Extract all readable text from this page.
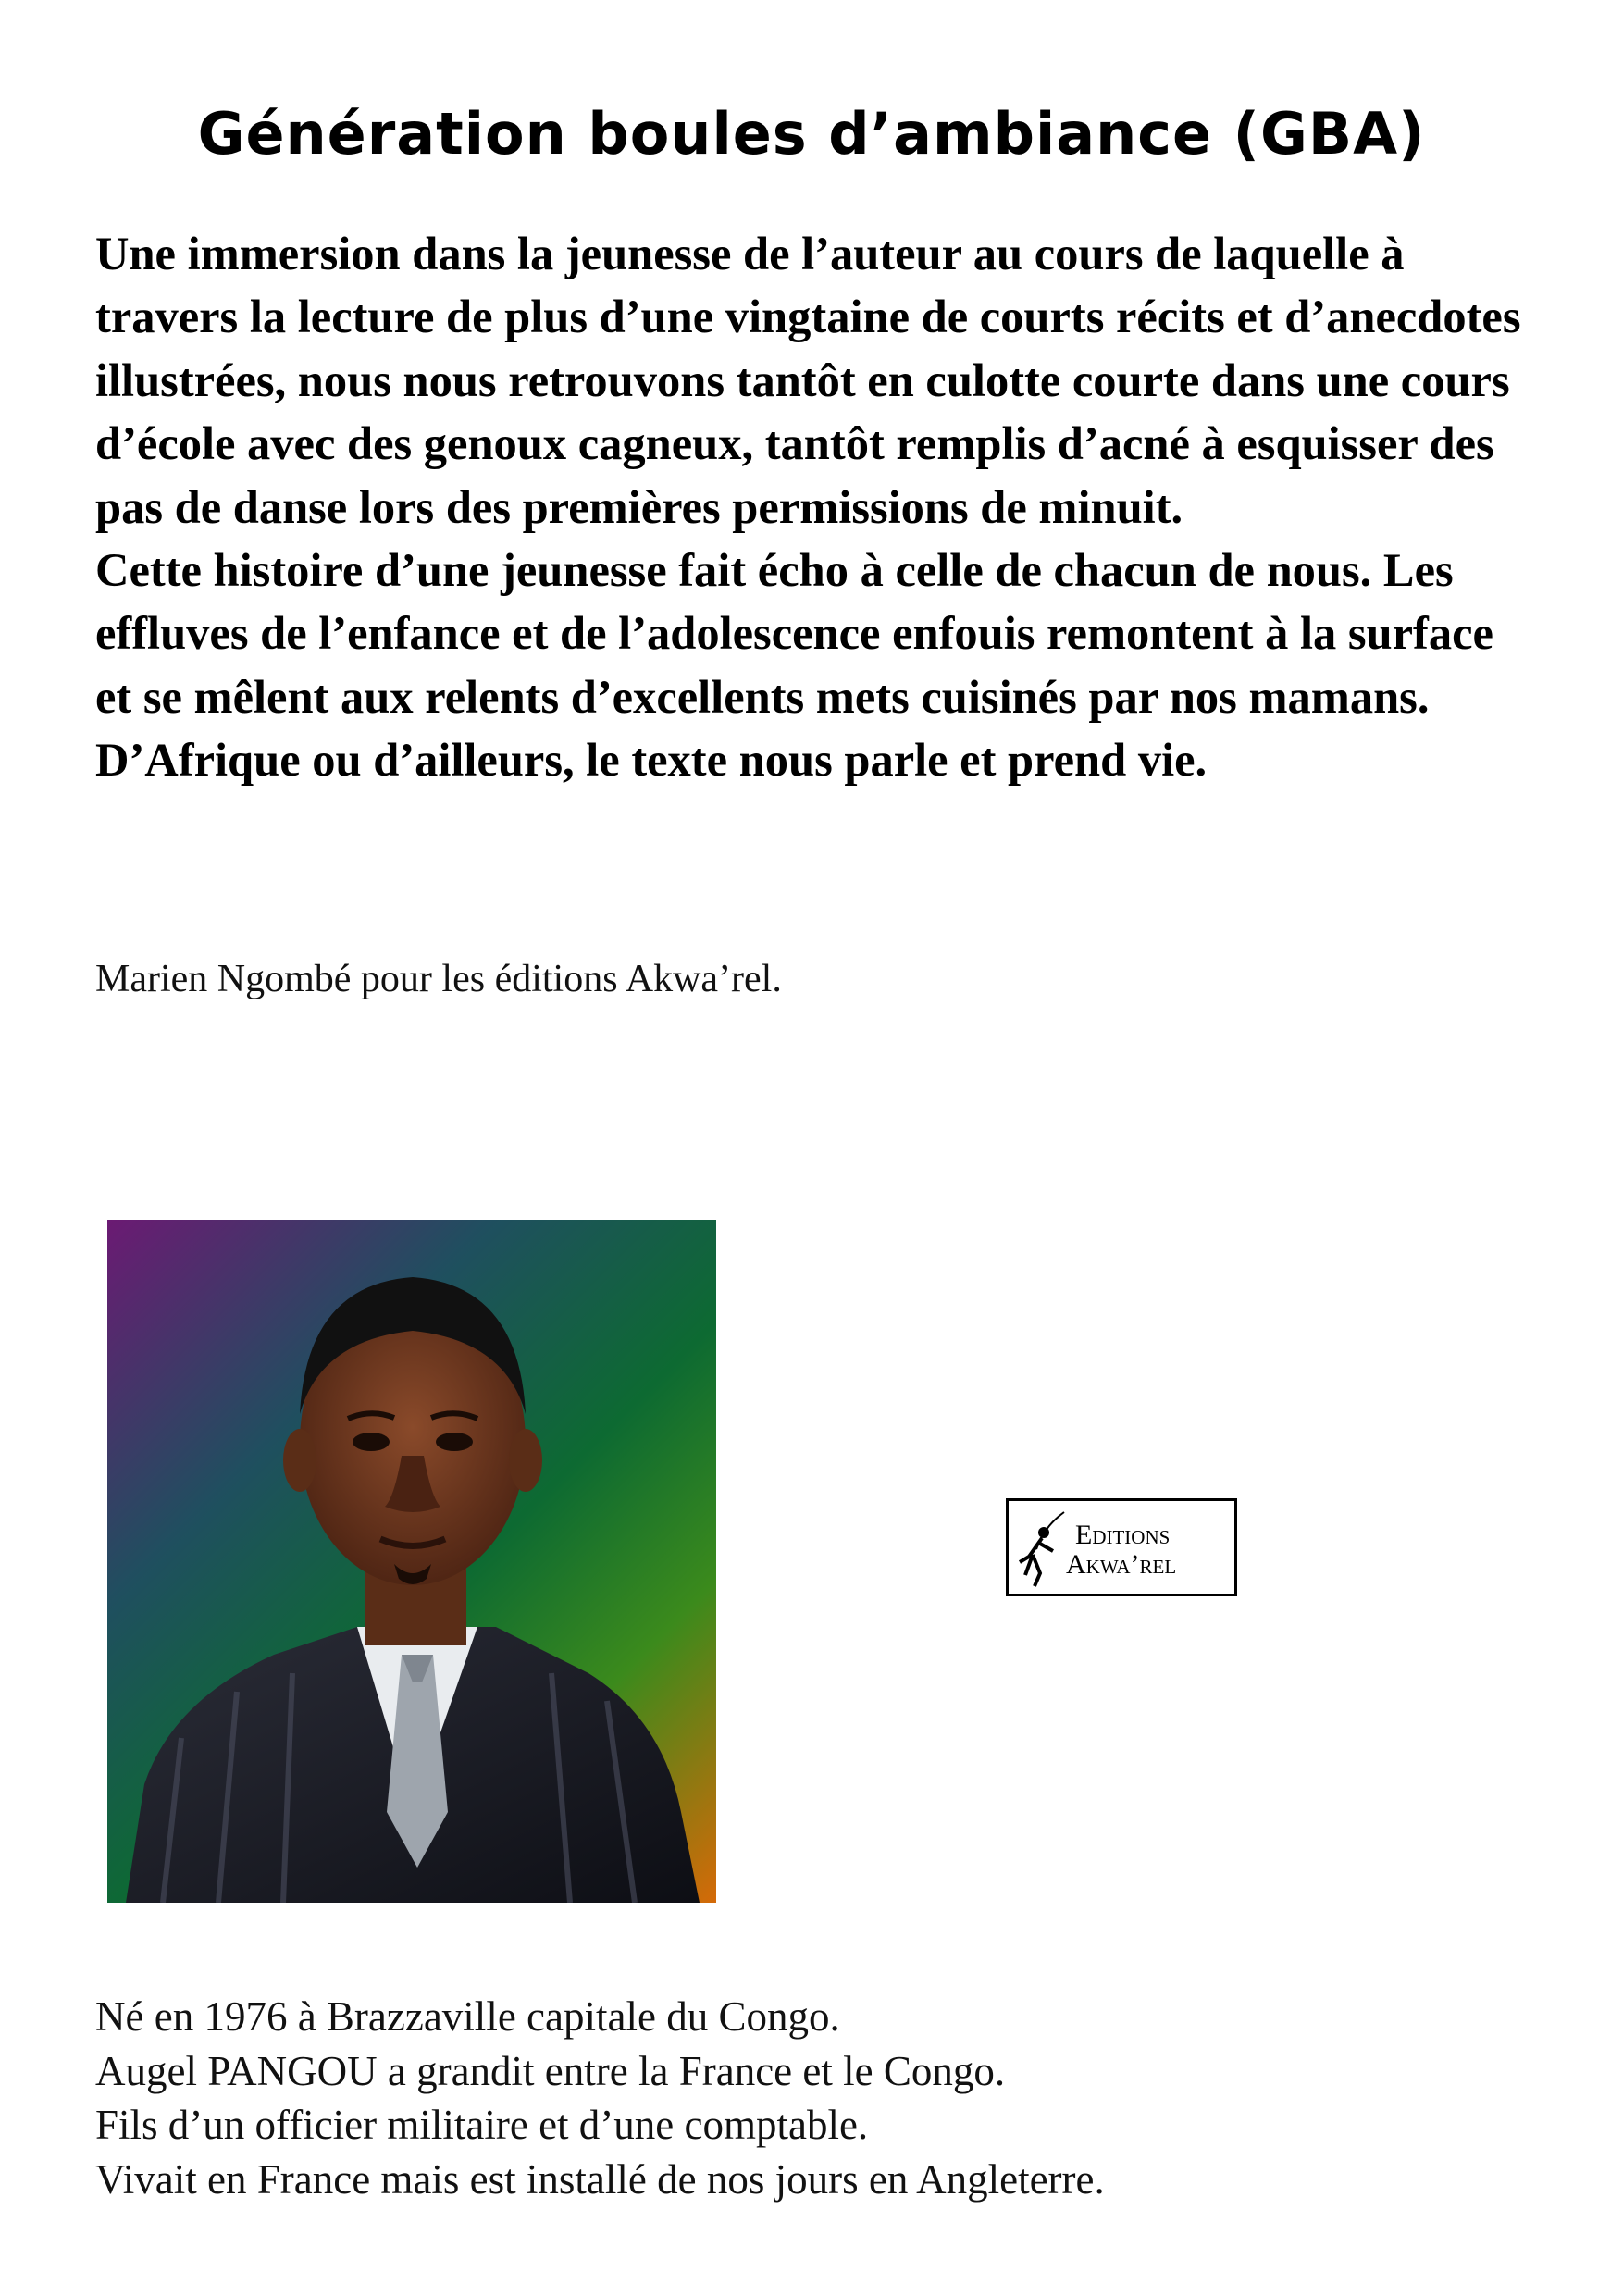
Génération boules d’ambiance (GBA)

Une immersion dans la jeunesse de l’auteur au cours de laquelle à travers la lecture de plus d’une vingtaine de courts récits et d’anecdotes illustrées, nous nous retrouvons tantôt en culotte courte dans une cours d’école avec des genoux cagneux, tantôt remplis d’acné à esquisser des pas de danse lors des premières permissions de minuit.

Cette histoire d’une jeunesse fait écho à celle de chacun de nous. Les effluves de l’enfance et de l’adolescence enfouis remontent à la surface et se mêlent aux relents d’excellents mets cuisinés par nos mamans.

D’Afrique ou d’ailleurs, le texte nous parle et prend vie.

Marien Ngombé pour les éditions Akwa’rel.

Editions
Akwa’rel

Né en 1976 à Brazzaville capitale du Congo.

Augel PANGOU a grandit entre la France et le Congo.

Fils d’un officier militaire et d’une comptable.

Vivait en France mais est installé de nos jours en Angleterre.
